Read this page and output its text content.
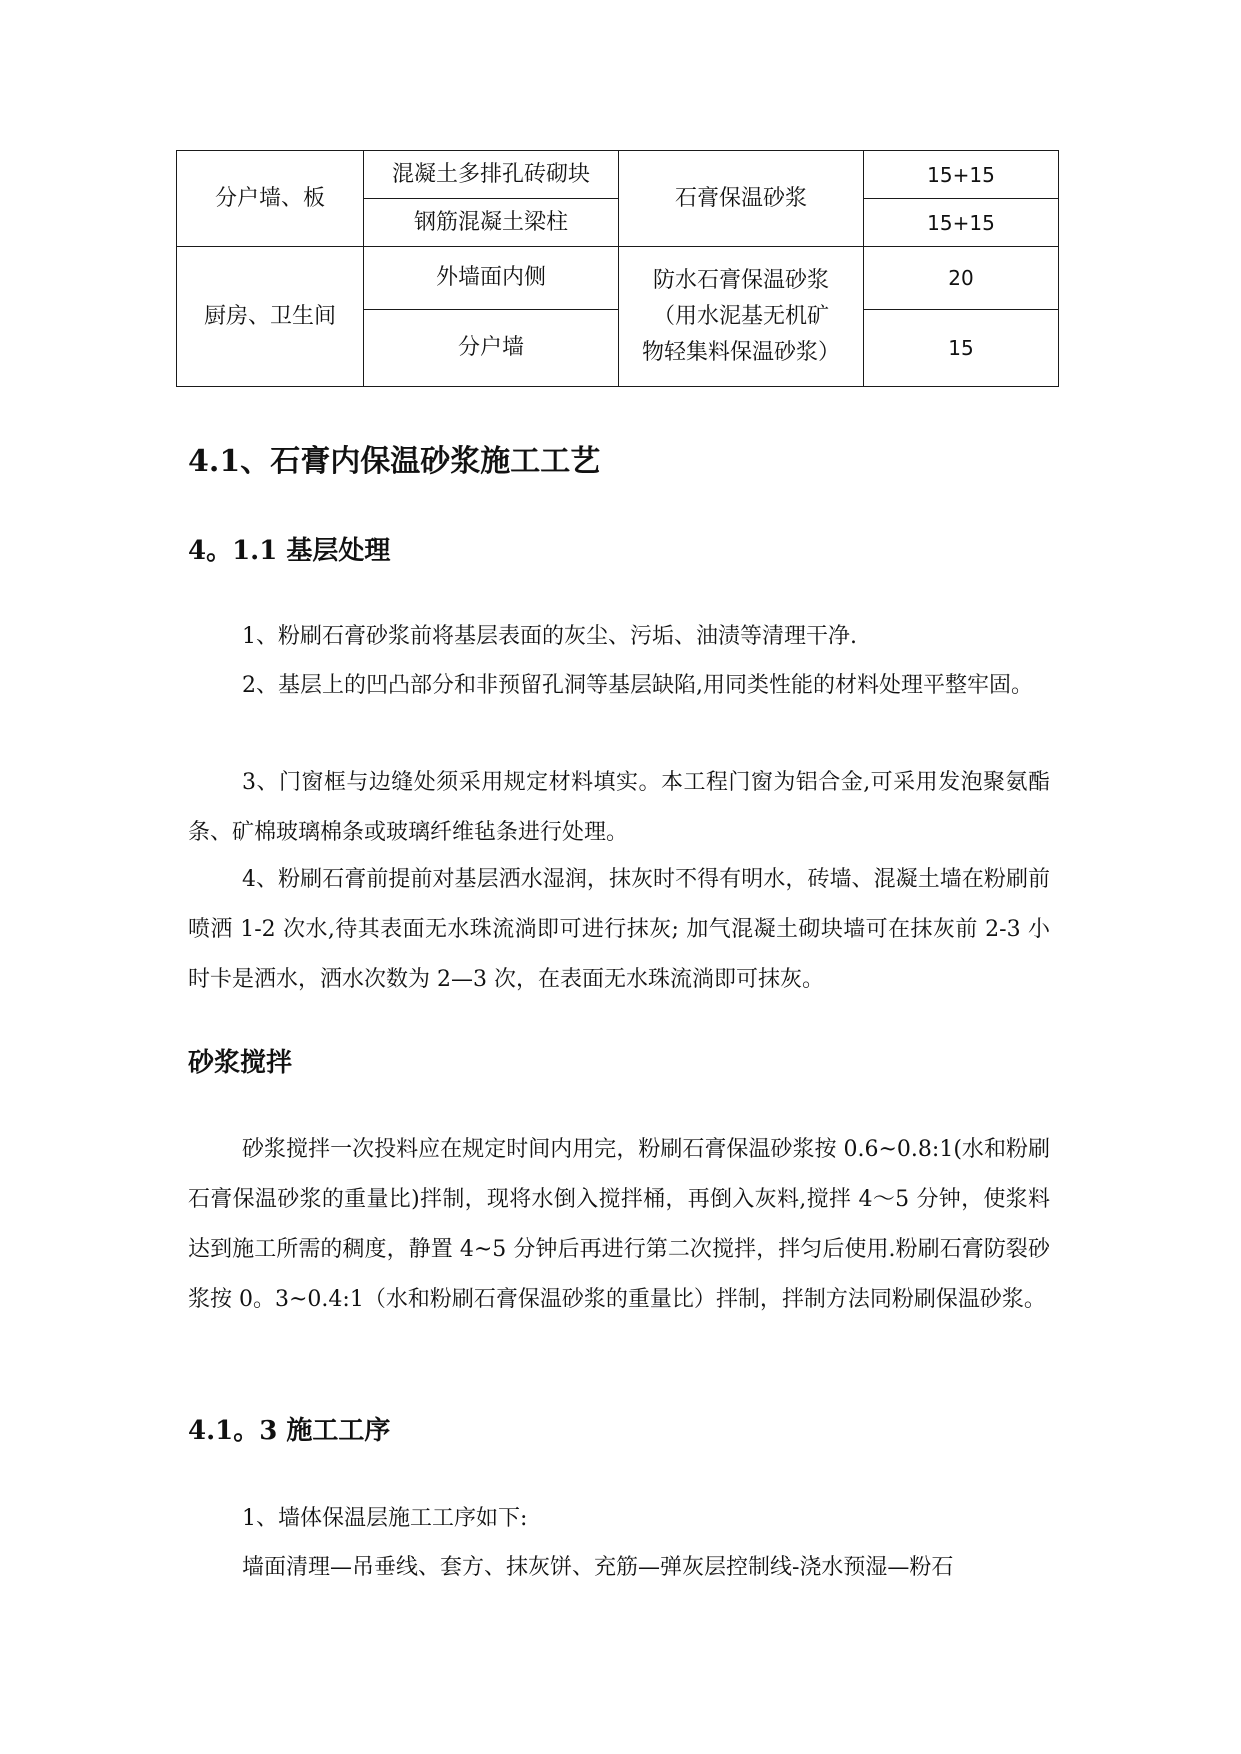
分户墙、板	混凝土多排孔砖砌块	石膏保温砂浆	15+15
	钢筋混凝土梁柱		15+15
厨房、卫生间	外墙面内侧	防水石膏保温砂浆
（用水泥基无机矿
物轻集料保温砂浆）	20
	分户墙		15
4.1、石膏内保温砂浆施工工艺
4。1.1 基层处理

1、粉刷石膏砂浆前将基层表面的灰尘、污垢、油渍等清理干净.

2、基层上的凹凸部分和非预留孔洞等基层缺陷,用同类性能的材料处理平整牢固。

3、门窗框与边缝处须采用规定材料填实。本工程门窗为铝合金,可采用发泡聚氨酯条、矿棉玻璃棉条或玻璃纤维毡条进行处理。

4、粉刷石膏前提前对基层洒水湿润，抹灰时不得有明水，砖墙、混凝土墙在粉刷前喷洒 1-2 次水,待其表面无水珠流淌即可进行抹灰; 加气混凝土砌块墙可在抹灰前 2-3 小时卡是洒水，洒水次数为 2—3 次，在表面无水珠流淌即可抹灰。

砂浆搅拌

砂浆搅拌一次投料应在规定时间内用完，粉刷石膏保温砂浆按 0.6~0.8:1(水和粉刷石膏保温砂浆的重量比)拌制，现将水倒入搅拌桶，再倒入灰料,搅拌 4～5 分钟，使浆料达到施工所需的稠度，静置 4~5 分钟后再进行第二次搅拌，拌匀后使用.粉刷石膏防裂砂浆按 0。3~0.4:1（水和粉刷石膏保温砂浆的重量比）拌制，拌制方法同粉刷保温砂浆。

4.1。3 施工工序

1、墙体保温层施工工序如下:

墙面清理—吊垂线、套方、抹灰饼、充筋—弹灰层控制线-浇水预湿—粉石
